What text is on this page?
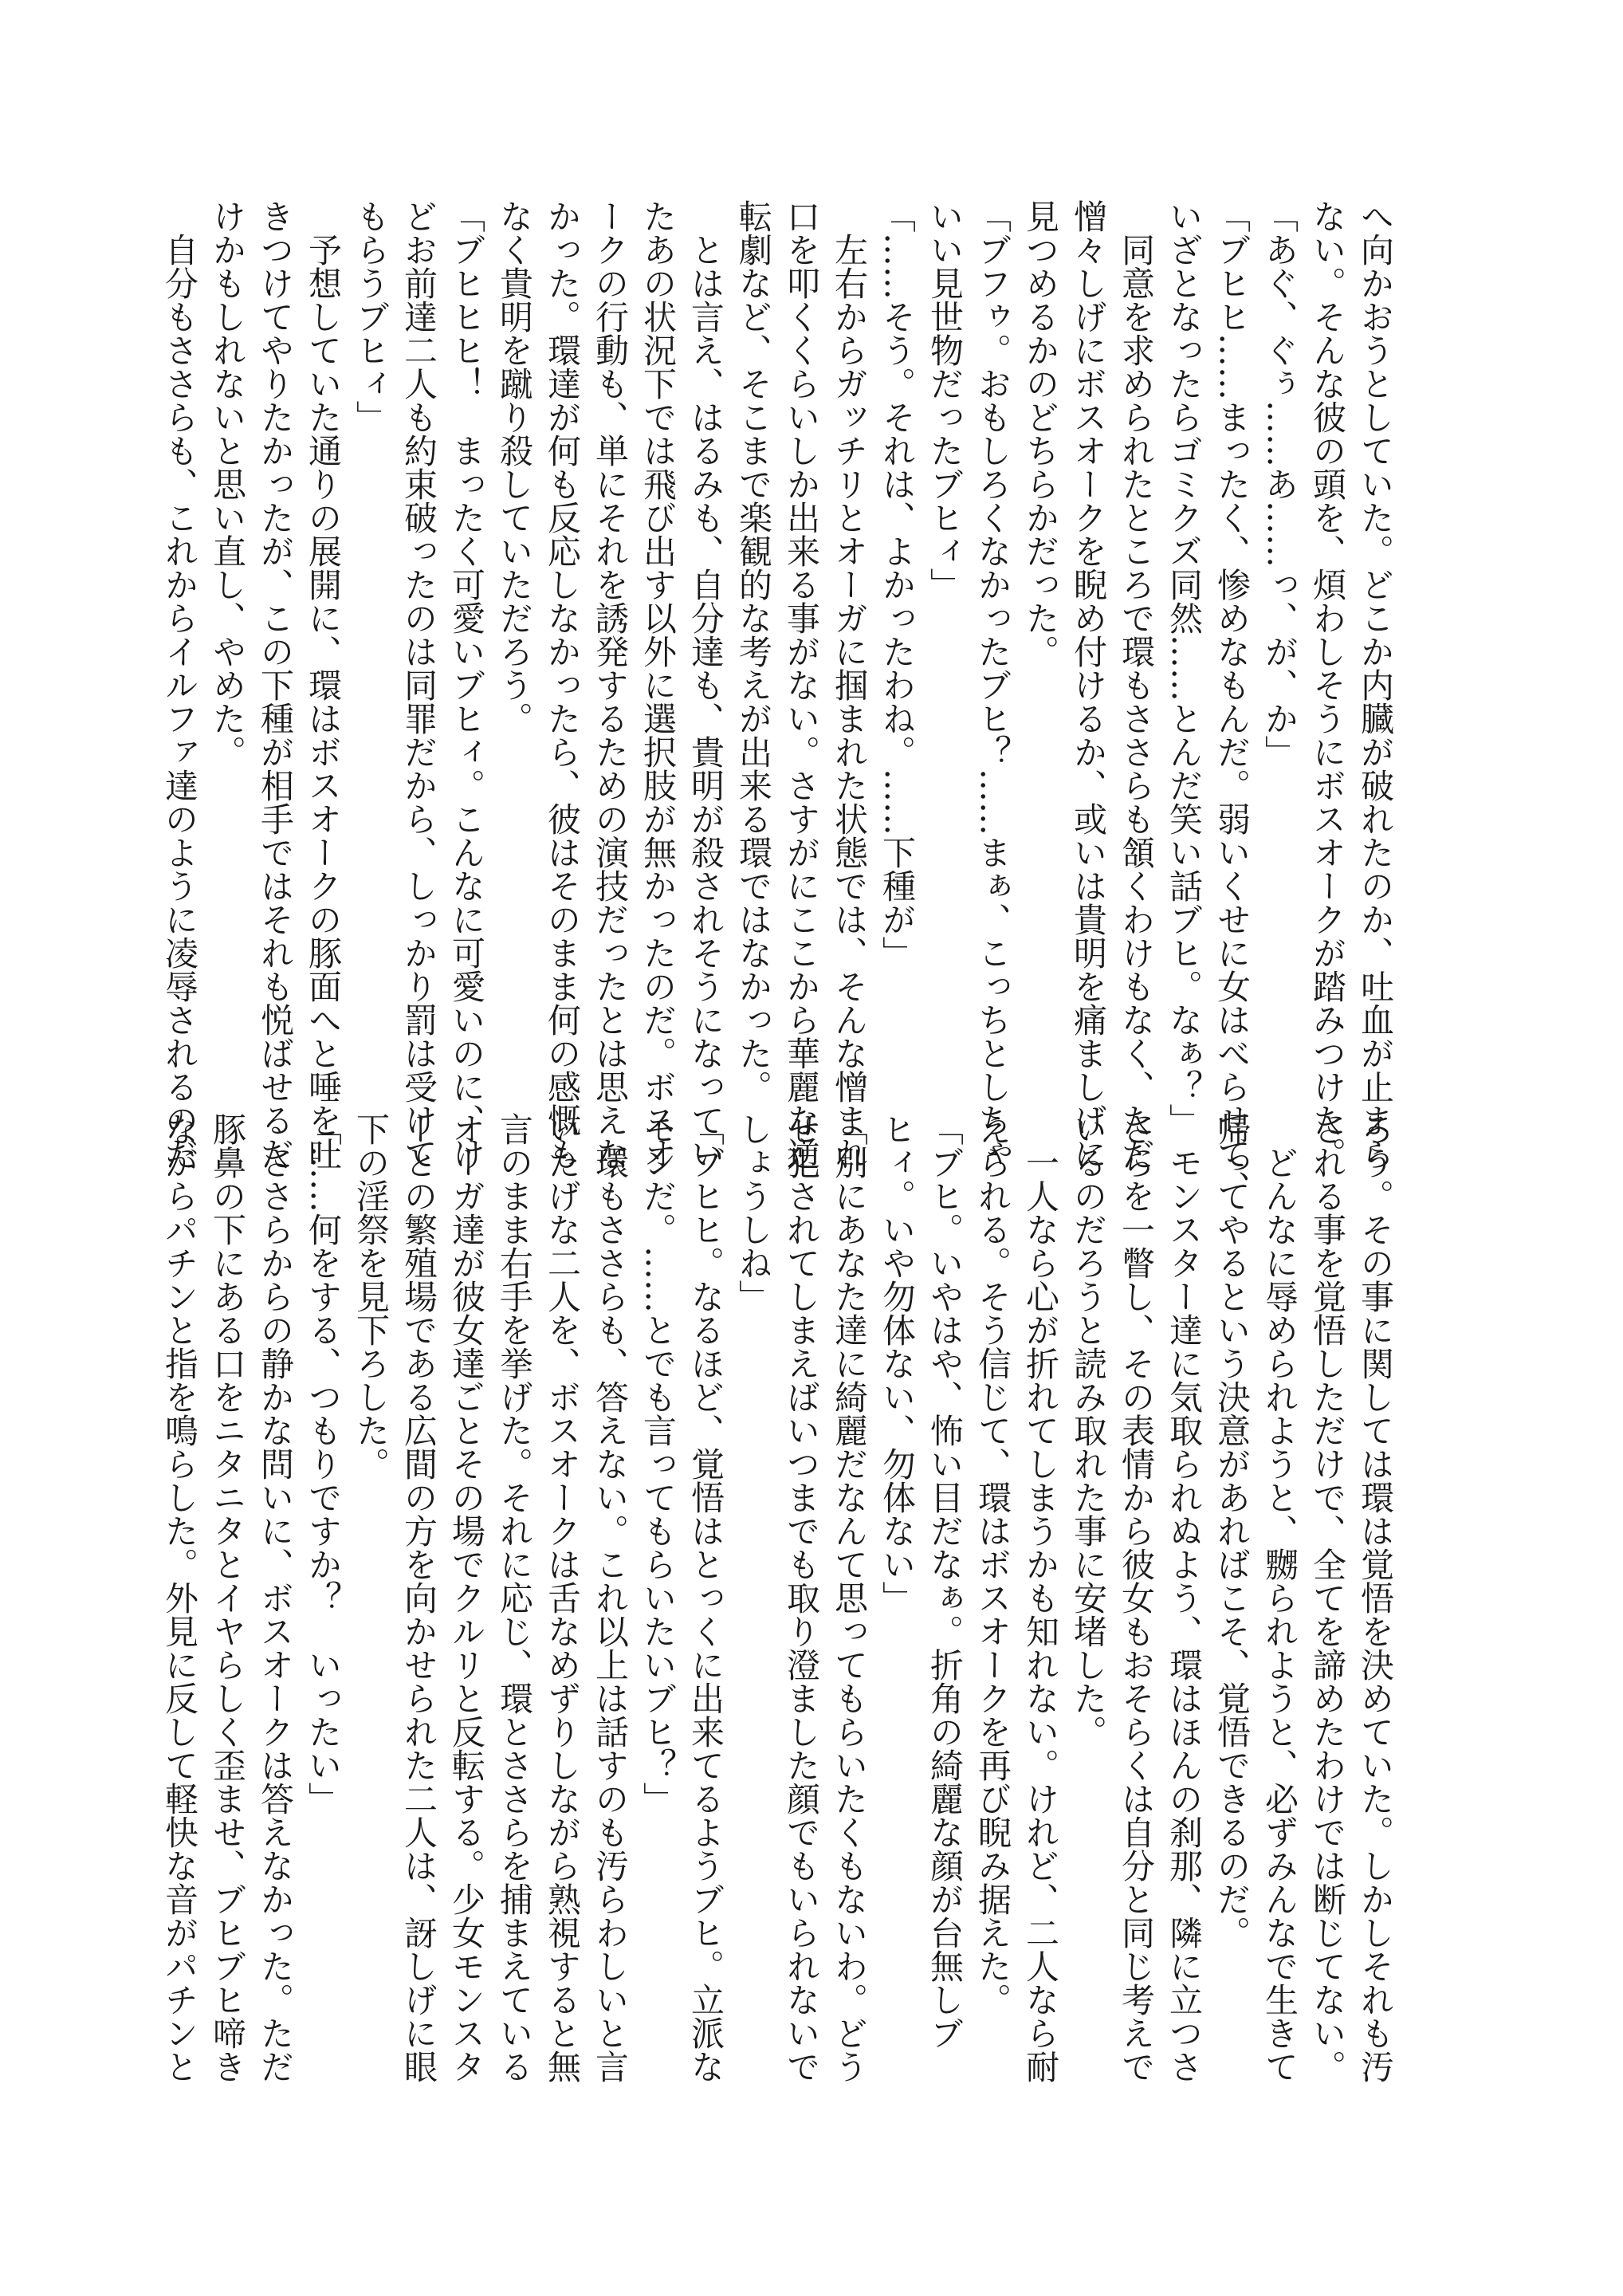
へ向かおうとしていた。どこか内臓が破れたのか、吐血が止まら

ない。そんな彼の頭を、煩わしそうにボスオークが踏みつけた。

「あぐ、ぐぅ……あ……っ、が、か」

「ブヒヒ……まったく、惨めなもんだ。弱いくせに女はべらせて、

いざとなったらゴミクズ同然……とんだ笑い話ブヒ。なぁ？」

　同意を求められたところで環もささらも頷くわけもなく、ただ

憎々しげにボスオークを睨め付けるか、或いは貴明を痛ましげに

見つめるかのどちらかだった。

「ブフゥ。おもしろくなかったブヒ？……まぁ、こっちとしちゃ

いい見世物だったブヒィ」

「……そう。それは、よかったわね。……下種が」

　左右からガッチリとオーガに掴まれた状態では、そんな憎まれ

口を叩くくらいしか出来る事がない。さすがにここから華麗な逆

転劇など、そこまで楽観的な考えが出来る環ではなかった。

　とは言え、はるみも、自分達も、貴明が殺されそうになってい

たあの状況下では飛び出す以外に選択肢が無かったのだ。ボスオ

ークの行動も、単にそれを誘発するための演技だったとは思えな

かった。環達が何も反応しなかったら、彼はそのまま何の感慨も

なく貴明を蹴り殺していただろう。

「ブヒヒヒ！　まったく可愛いブヒィ。こんなに可愛いのに、け

どお前達二人も約束破ったのは同罪だから、しっかり罰は受けて

もらうブヒィ」

　予想していた通りの展開に、環はボスオークの豚面へと唾を吐

きつけてやりたかったが、この下種が相手ではそれも悦ばせるだ

けかもしれないと思い直し、やめた。

　自分もささらも、これからイルファ達のように凌辱されるのだ

ろう。その事に関しては環は覚悟を決めていた。しかしそれも汚

される事を覚悟しただけで、全てを諦めたわけでは断じてない。

　どんなに辱められようと、嬲られようと、必ずみんなで生きて

帰ってやるという決意があればこそ、覚悟できるのだ。

　モンスター達に気取られぬよう、環はほんの刹那、隣に立つさ

さらを一瞥し、その表情から彼女もおそらくは自分と同じ考えで

いるのだろうと読み取れた事に安堵した。

　一人なら心が折れてしまうかも知れない。けれど、二人なら耐

えられる。そう信じて、環はボスオークを再び睨み据えた。

「ブヒ。いやはや、怖い目だなぁ。折角の綺麗な顔が台無しブ

ヒィ。いや勿体ない、勿体ない」

「別にあなた達に綺麗だなんて思ってもらいたくもないわ。どう

せ犯されてしまえばいつまでも取り澄ました顔でもいられないで

しょうしね」

「ブヒヒ。なるほど、覚悟はとっくに出来てるようブヒ。立派な

モンだ。……とでも言ってもらいたいブヒ？」

　環もささらも、答えない。これ以上は話すのも汚らわしいと言

いたげな二人を、ボスオークは舌なめずりしながら熟視すると無

言のまま右手を挙げた。それに応じ、環とささらを捕まえている

オーガ達が彼女達ごとその場でクルリと反転する。少女モンスタ

ーとの繁殖場である広間の方を向かせられた二人は、訝しげに眼

下の淫祭を見下ろした。

「……何をする、つもりですか？　いったい」

　ささらからの静かな問いに、ボスオークは答えなかった。ただ

豚鼻の下にある口をニタニタとイヤらしく歪ませ、ブヒブヒ啼き

ながらパチンと指を鳴らした。外見に反して軽快な音がパチンと
